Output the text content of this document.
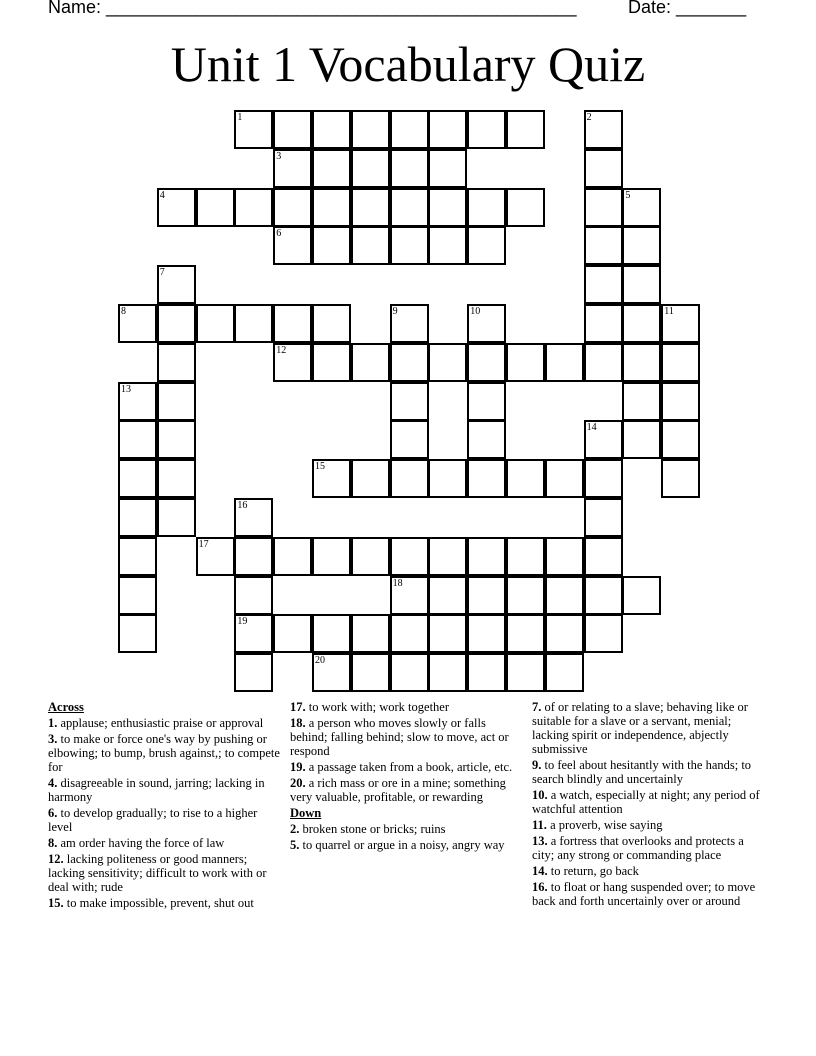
Name: _______________________________________________

	Date: _______

Unit 1 Vocabulary Quiz
1	2
3
4	5
6
7
8	9	10	11
12
13
14
15
16
17
18
19
20
Across
1. applause; enthusiastic praise or approval
3. to make or force one's way by pushing or elbowing; to bump, brush against,; to compete for
4. disagreeable in sound, jarring; lacking in harmony
6. to develop gradually; to rise to a higher level
8. am order having the force of law
12. lacking politeness or good manners; lacking sensitivity; difficult to work with or deal with; rude
15. to make impossible, prevent, shut out
17. to work with; work together
18. a person who moves slowly or falls behind; falling behind; slow to move, act or respond
19. a passage taken from a book, article, etc.
20. a rich mass or ore in a mine; something very valuable, profitable, or rewarding
Down
2. broken stone or bricks; ruins
5. to quarrel or argue in a noisy, angry way
7. of or relating to a slave; behaving like or suitable for a slave or a servant, menial; lacking spirit or independence, abjectly submissive
9. to feel about hesitantly with the hands; to search blindly and uncertainly
10. a watch, especially at night; any period of watchful attention
11. a proverb, wise saying
13. a fortress that overlooks and protects a city; any strong or commanding place
14. to return, go back
16. to float or hang suspended over; to move back and forth uncertainly over or around
